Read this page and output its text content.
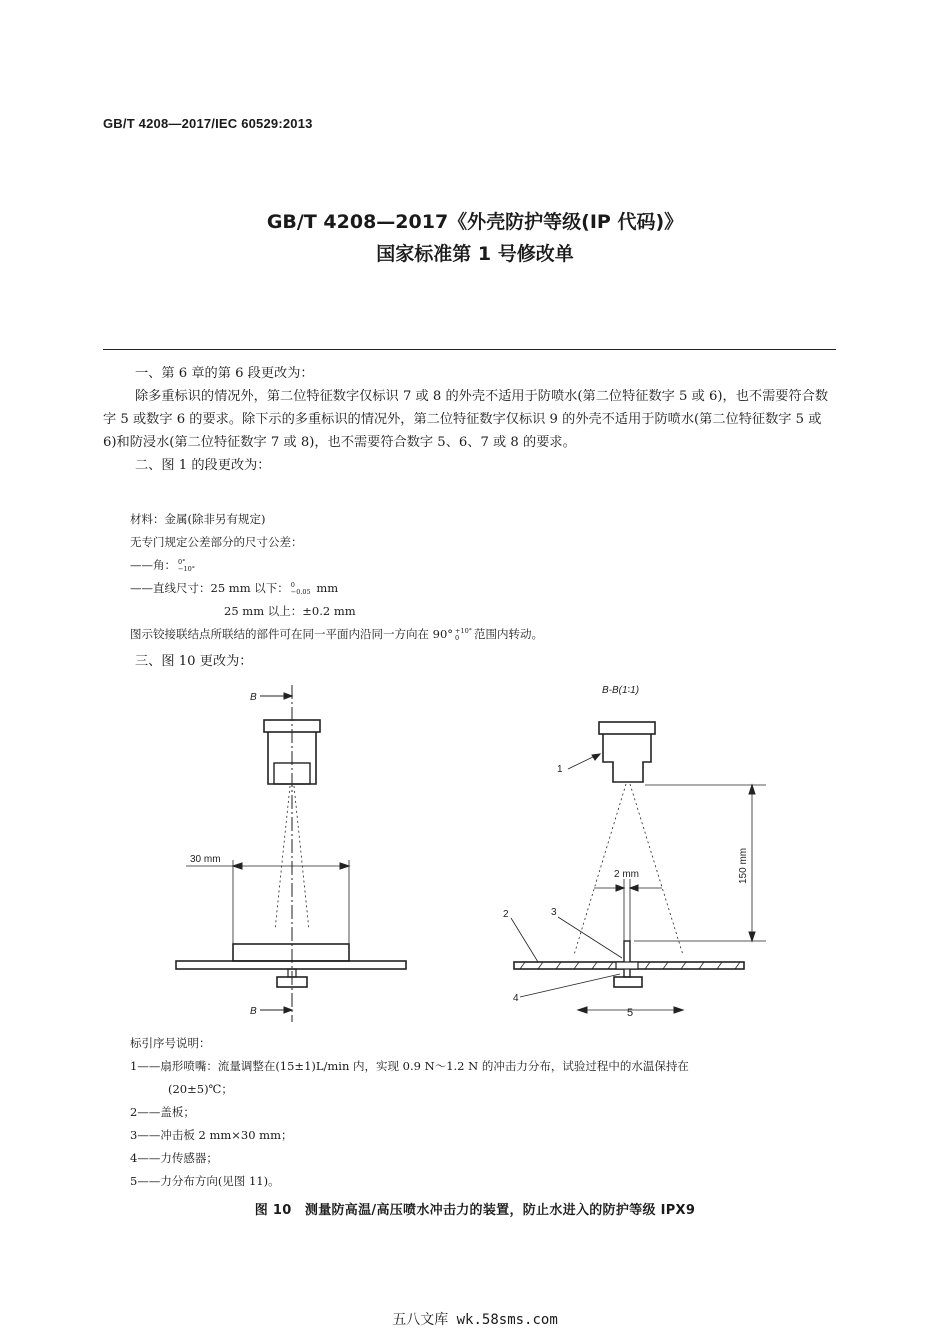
GB/T 4208—2017/IEC 60529:2013
GB/T 4208—2017《外壳防护等级(IP 代码)》
国家标准第 1 号修改单
一、第 6 章的第 6 段更改为：
除多重标识的情况外，第二位特征数字仅标识 7 或 8 的外壳不适用于防喷水(第二位特征数字 5 或 6)，也不需要符合数字 5 或数字 6 的要求。除下示的多重标识的情况外，第二位特征数字仅标识 9 的外壳不适用于防喷水(第二位特征数字 5 或 6)和防浸水(第二位特征数字 7 或 8)，也不需要符合数字 5、6、7 或 8 的要求。
二、图 1 的段更改为：
材料：金属(除非另有规定)
无专门规定公差部分的尺寸公差：
——角： 0°
−10°
——直线尺寸：25 mm 以下： 0
−0.05 mm
25 mm 以上：±0.2 mm
图示铰接联结点所联结的部件可在同一平面内沿同一方向在 90° +10°
0 范围内转动。
三、图 10 更改为：
B
B
30 mm
B-B(1∶1)
1
2	3
4
2 mm
5
150 mm
标引序号说明：
1——扇形喷嘴：流量调整在(15±1)L/min 内，实现 0.9 N～1.2 N 的冲击力分布，试验过程中的水温保持在
(20±5)℃；
2——盖板；
3——冲击板 2 mm×30 mm；
4——力传感器；
5——力分布方向(见图 11)。
图 10　测量防高温/高压喷水冲击力的装置，防止水进入的防护等级 IPX9
五八文库 wk.58sms.com
